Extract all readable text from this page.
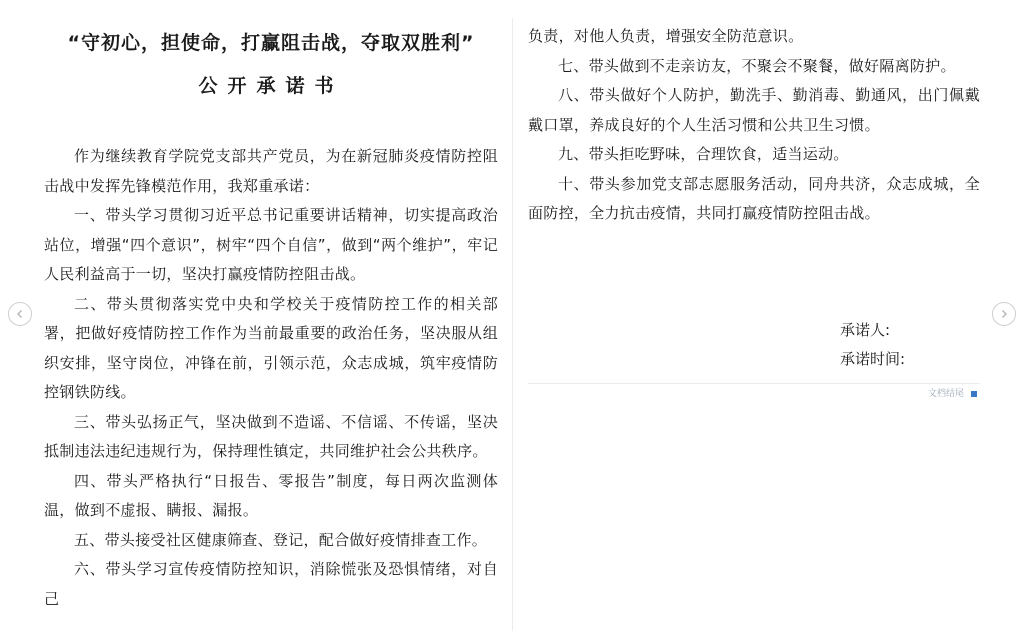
“守初心，担使命，打赢阻击战，夺取双胜利”
公开承诺书

作为继续教育学院党支部共产党员，为在新冠肺炎疫情防控阻击战中发挥先锋模范作用，我郑重承诺：

一、带头学习贯彻习近平总书记重要讲话精神，切实提高政治站位，增强“四个意识”，树牢“四个自信”，做到“两个维护”，牢记人民利益高于一切，坚决打赢疫情防控阻击战。

二、带头贯彻落实党中央和学校关于疫情防控工作的相关部署，把做好疫情防控工作作为当前最重要的政治任务，坚决服从组织安排，坚守岗位，冲锋在前，引领示范，众志成城，筑牢疫情防控钢铁防线。

三、带头弘扬正气，坚决做到不造谣、不信谣、不传谣，坚决抵制违法违纪违规行为，保持理性镇定，共同维护社会公共秩序。

四、带头严格执行“日报告、零报告”制度，每日两次监测体温，做到不虚报、瞒报、漏报。

五、带头接受社区健康筛查、登记，配合做好疫情排查工作。

六、带头学习宣传疫情防控知识，消除慌张及恐惧情绪，对自己

负责，对他人负责，增强安全防范意识。

七、带头做到不走亲访友，不聚会不聚餐，做好隔离防护。

八、带头做好个人防护，勤洗手、勤消毒、勤通风，出门佩戴戴口罩，养成良好的个人生活习惯和公共卫生习惯。

九、带头拒吃野味，合理饮食，适当运动。

十、带头参加党支部志愿服务活动，同舟共济，众志成城，全面防控，全力抗击疫情，共同打赢疫情防控阻击战。

承诺人:
承诺时间:
文档结尾
